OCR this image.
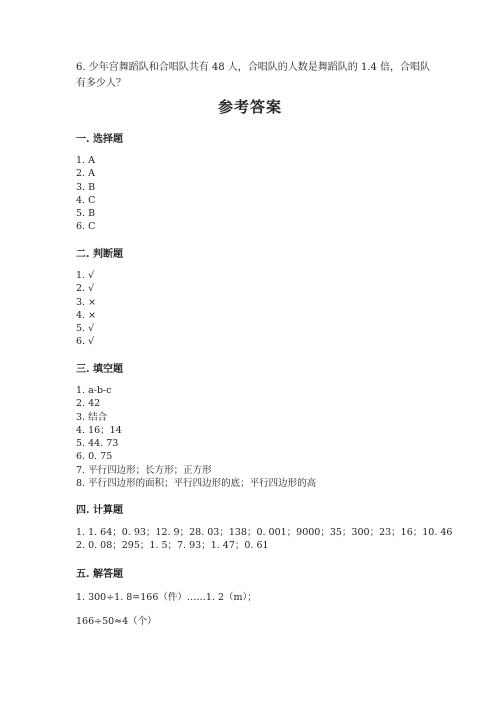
6. 少年宫舞蹈队和合唱队共有 48 人，合唱队的人数是舞蹈队的 1.4 倍，合唱队
有多少人？
参考答案
一. 选择题
1. A
2. A
3. B
4. C
5. B
6. C
二. 判断题
1. √
2. √
3. ×
4. ×
5. √
6. √
三. 填空题
1. a-b-c
2. 42
3. 结合
4. 16；14
5. 44. 73
6. 0. 75
7. 平行四边形；长方形；正方形
8. 平行四边形的面积；平行四边形的底；平行四边形的高
四. 计算题
1. 1. 64；0. 93；12. 9；28. 03；138；0. 001；9000；35；300；23；16；10. 46
2. 0. 08；295；1. 5；7. 93；1. 47；0. 61
五. 解答题
1. 300÷1. 8=166（件）……1. 2（m）；
166÷50≈4（个）
